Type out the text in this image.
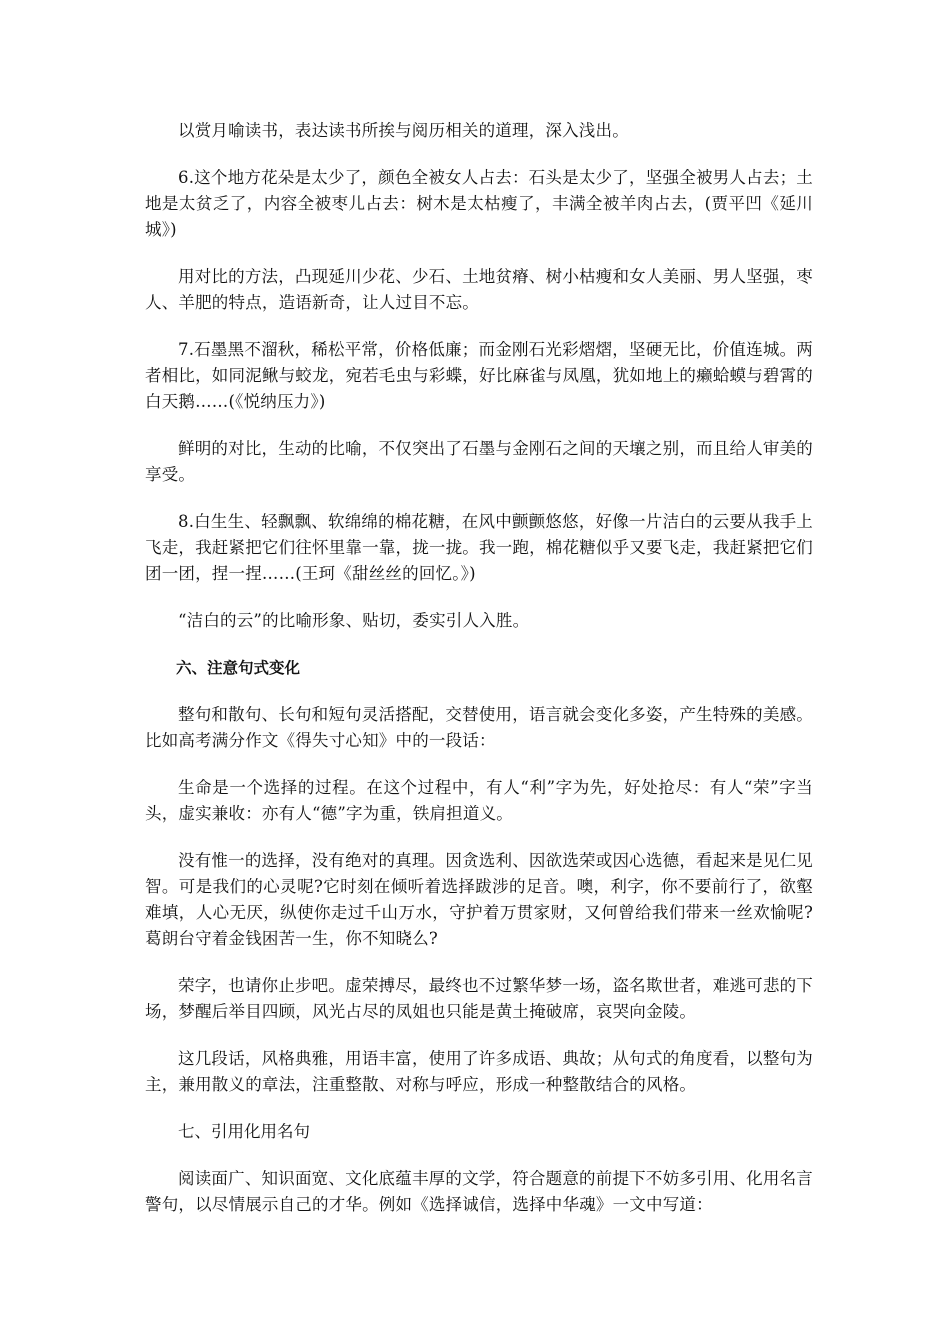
以赏月喻读书，表达读书所挨与阅历相关的道理，深入浅出。

6.这个地方花朵是太少了，颜色全被女人占去：石头是太少了，坚强全被男人占去；土地是太贫乏了，内容全被枣儿占去：树木是太枯瘦了，丰满全被羊肉占去，(贾平凹《延川城》)

用对比的方法，凸现延川少花、少石、土地贫瘠、树小枯瘦和女人美丽、男人坚强，枣人、羊肥的特点，造语新奇，让人过目不忘。

7.石墨黑不溜秋，稀松平常，价格低廉；而金刚石光彩熠熠，坚硬无比，价值连城。两者相比，如同泥鳅与蛟龙，宛若毛虫与彩蝶，好比麻雀与凤凰，犹如地上的癞蛤蟆与碧霄的白天鹅……(《悦纳压力》)

鲜明的对比，生动的比喻，不仅突出了石墨与金刚石之间的天壤之别，而且给人审美的享受。

8.白生生、轻飘飘、软绵绵的棉花糖，在风中颤颤悠悠，好像一片洁白的云要从我手上飞走，我赶紧把它们往怀里靠一靠，拢一拢。我一跑，棉花糖似乎又要飞走，我赶紧把它们团一团，捏一捏……(王珂《甜丝丝的回忆。》)

“洁白的云”的比喻形象、贴切，委实引人入胜。

六、注意句式变化

整句和散句、长句和短句灵活搭配，交替使用，语言就会变化多姿，产生特殊的美感。比如高考满分作文《得失寸心知》中的一段话：

生命是一个选择的过程。在这个过程中，有人“利”字为先，好处抢尽：有人“荣”字当头，虚实兼收：亦有人“德”字为重，铁肩担道义。

没有惟一的选择，没有绝对的真理。因贪选利、因欲选荣或因心选德，看起来是见仁见智。可是我们的心灵呢?它时刻在倾听着选择跋涉的足音。噢，利字，你不要前行了，欲壑难填，人心无厌，纵使你走过千山万水，守护着万贯家财，又何曾给我们带来一丝欢愉呢?葛朗台守着金钱困苦一生，你不知晓么?

荣字，也请你止步吧。虚荣搏尽，最终也不过繁华梦一场，盗名欺世者，难逃可悲的下场，梦醒后举目四顾，风光占尽的凤姐也只能是黄土掩破席，哀哭向金陵。

这几段话，风格典雅，用语丰富，使用了许多成语、典故；从句式的角度看，以整句为主，兼用散义的章法，注重整散、对称与呼应，形成一种整散结合的风格。

七、引用化用名句

阅读面广、知识面宽、文化底蕴丰厚的文学，符合题意的前提下不妨多引用、化用名言警句，以尽情展示自己的才华。例如《选择诚信，选择中华魂》一文中写道：
